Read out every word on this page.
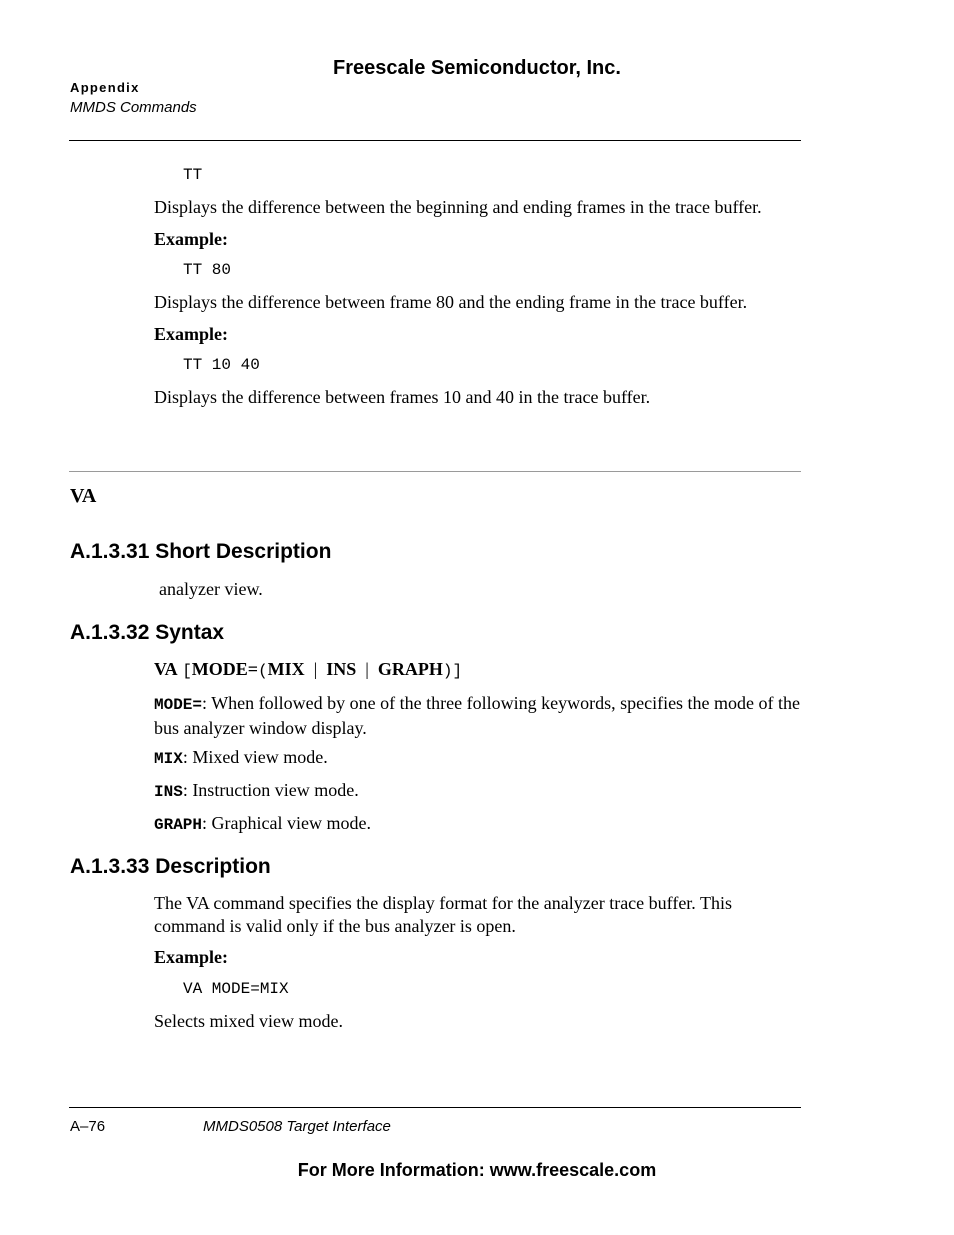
Freescale Semiconductor, Inc.
Appendix
MMDS Commands
TT
Displays the difference between the beginning and ending frames in the trace buffer.
Example:
TT 80
Displays the difference between frame 80 and the ending frame in the trace buffer.
Example:
TT 10 40
Displays the difference between frames 10 and 40 in the trace buffer.
VA
A.1.3.31 Short Description
analyzer view.
A.1.3.32 Syntax
VA [MODE=(MIX | INS | GRAPH)]
MODE=: When followed by one of the three following keywords, specifies the mode of the bus analyzer window display.
MIX: Mixed view mode.
INS: Instruction view mode.
GRAPH: Graphical view mode.
A.1.3.33 Description
The VA command specifies the display format for the analyzer trace buffer. This command is valid only if the bus analyzer is open.
Example:
VA MODE=MIX
Selects mixed view mode.
A–76	MMDS0508 Target Interface
For More Information: www.freescale.com
